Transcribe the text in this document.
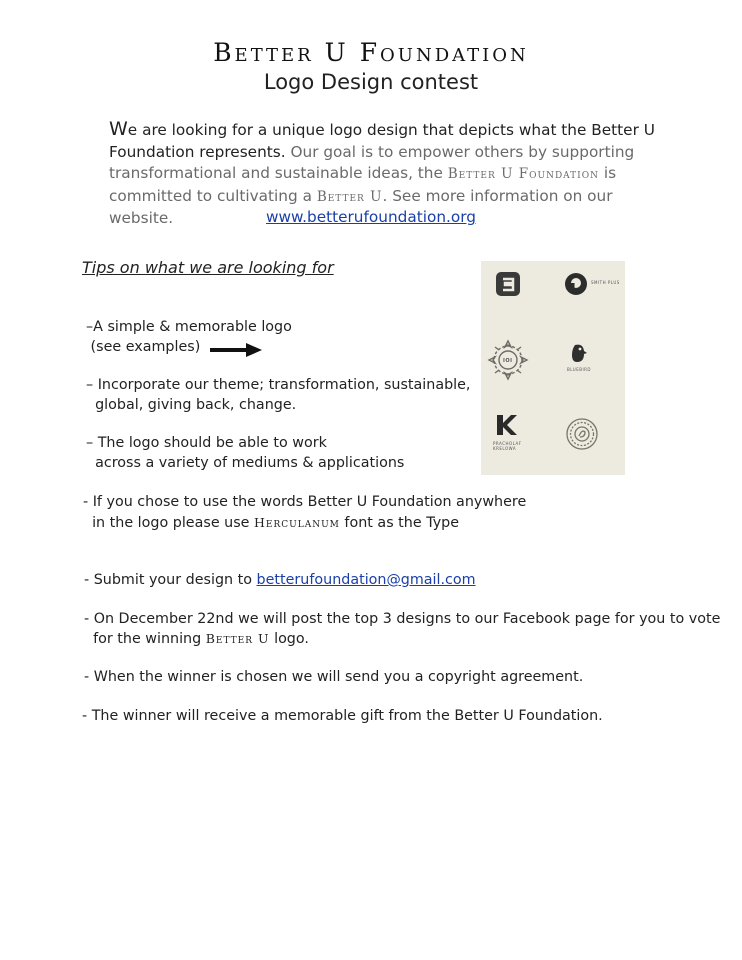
Better U Foundation
Logo Design contest
We are looking for a unique logo design that depicts what the Better U Foundation represents. Our goal is to empower others by supporting transformational and sustainable ideas, the Better U Foundation is committed to cultivating a Better U. See more information on our website.	www.betterufoundation.org
Tips on what we are looking for
–A simple & memorable logo
(see examples)
– Incorporate our theme; transformation, sustainable,
global, giving back, change.
– The logo should be able to work
across a variety of mediums & applications
- If you chose to use the words Better U Foundation anywhere
in the logo please use Herculanum font as the Type
SMITH PLUS
IOI
BLUEBIRD
PRACHOLAF
KRELOWA
- Submit your design to betterufoundation@gmail.com
- On December 22nd we will post the top 3 designs to our Facebook page for you to vote
for the winning Better U logo.
- When the winner is chosen we will send you a copyright agreement.
- The winner will receive a memorable gift from the Better U Foundation.
